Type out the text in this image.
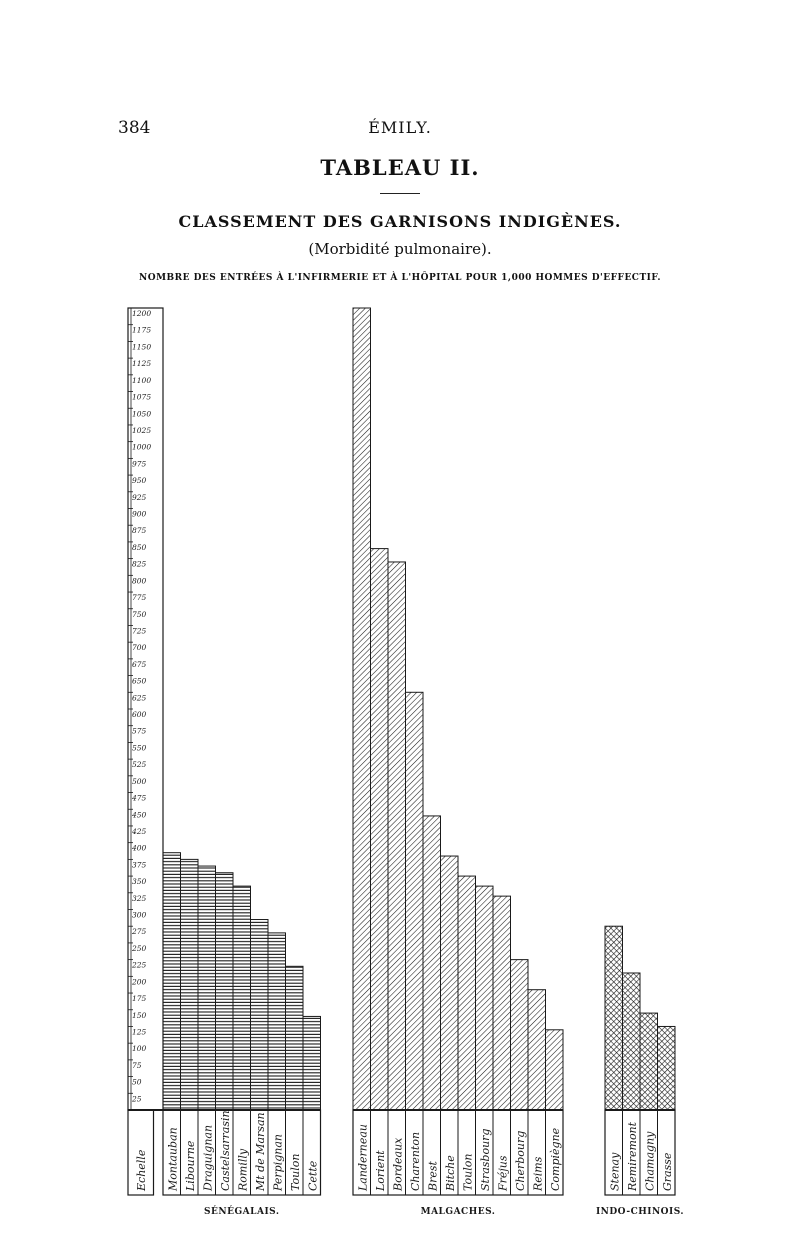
384	ÉMILY.
TABLEAU II.
CLASSEMENT DES GARNISONS INDIGÈNES.
(Morbidité pulmonaire).
NOMBRE DES ENTRÉES À L'INFIRMERIE ET À L'HÔPITAL POUR 1,000 HOMMES D'EFFECTIF.
25
50
75
100
125
150
175
200
225
250
275
300
325
350
375
400
425
450
475
500
525
550
575
600
625
650
675
700
725
750
775
800
825
850
875
900
925
950
975
1000
1025
1050
1075
1100
1125
1150
1175
1200
Echelle Montauban Libourne Draguignan Castelsarrasin Romilly Mt de Marsan Perpignan Toulon Cette	Landerneau Lorient Bordeaux Charenton Brest Bitche Toulon Strasbourg Fréjus Cherbourg Reims Compiègne	Stenay Remiremont Chamagny Grasse
SÉNÉGALAIS.	MALGACHES.	INDO-CHINOIS.
